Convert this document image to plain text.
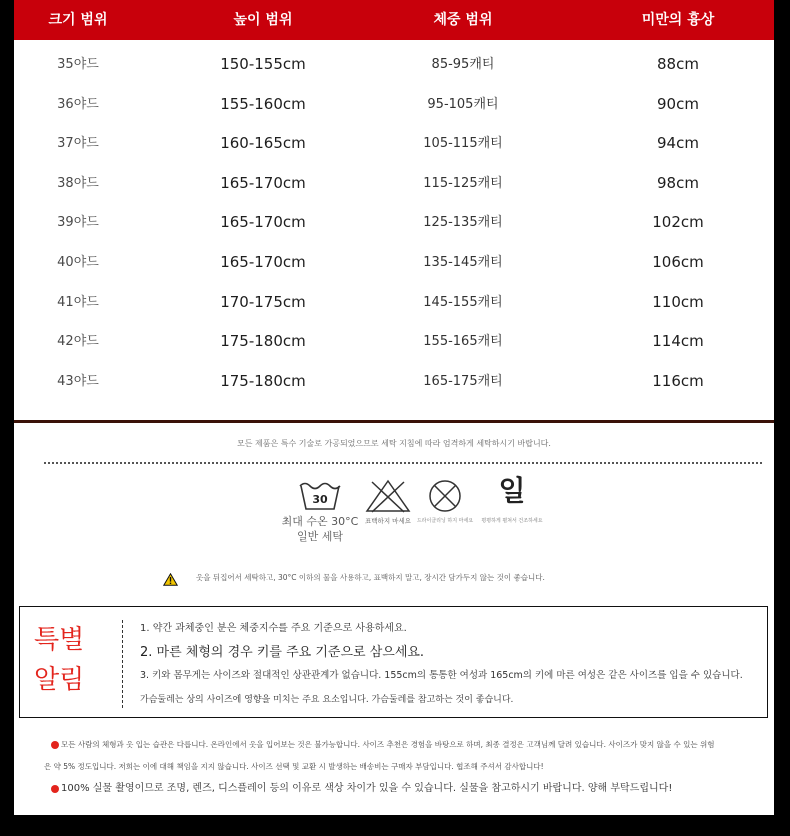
크기 범위	높이 범위	체중 범위	미만의 흉상
35야드	150-155cm	85-95캐티	88cm
36야드	155-160cm	95-105캐티	90cm
37야드	160-165cm	105-115캐티	94cm
38야드	165-170cm	115-125캐티	98cm
39야드	165-170cm	125-135캐티	102cm
40야드	165-170cm	135-145캐티	106cm
41야드	170-175cm	145-155캐티	110cm
42야드	175-180cm	155-165캐티	114cm
43야드	175-180cm	165-175캐티	116cm
모든 제품은 특수 기술로 가공되었으므로 세탁 지침에 따라 엄격하게 세탁하시기 바랍니다.
30
최대 수온 30°C
일반 세탁
표백하지 마세요	드라이클리닝 하지 마세요
일
평평하게 펼쳐서 건조하세요
옷을 뒤집어서 세탁하고, 30°C 이하의 물을 사용하고, 표백하지 말고, 장시간 담가두지 않는 것이 좋습니다.
특별
알림
1. 약간 과체중인 분은 체중지수를 주요 기준으로 사용하세요.
2. 마른 체형의 경우 키를 주요 기준으로 삼으세요.
3. 키와 몸무게는 사이즈와 절대적인 상관관계가 없습니다. 155cm의 통통한 여성과 165cm의 키에 마른 여성은 같은 사이즈를 입을 수 있습니다.
가슴둘레는 상의 사이즈에 영향을 미치는 주요 요소입니다. 가슴둘레를 참고하는 것이 좋습니다.
모든 사람의 체형과 옷 입는 습관은 다릅니다. 온라인에서 옷을 입어보는 것은 불가능합니다. 사이즈 추천은 경험을 바탕으로 하며, 최종 결정은 고객님께 달려 있습니다. 사이즈가 맞지 않을 수 있는 위험
은 약 5% 정도입니다. 저희는 이에 대해 책임을 지지 않습니다. 사이즈 선택 및 교환 시 발생하는 배송비는 구매자 부담입니다. 협조해 주셔서 감사합니다!
100% 실물 촬영이므로 조명, 렌즈, 디스플레이 등의 이유로 색상 차이가 있을 수 있습니다. 실물을 참고하시기 바랍니다. 양해 부탁드립니다!
